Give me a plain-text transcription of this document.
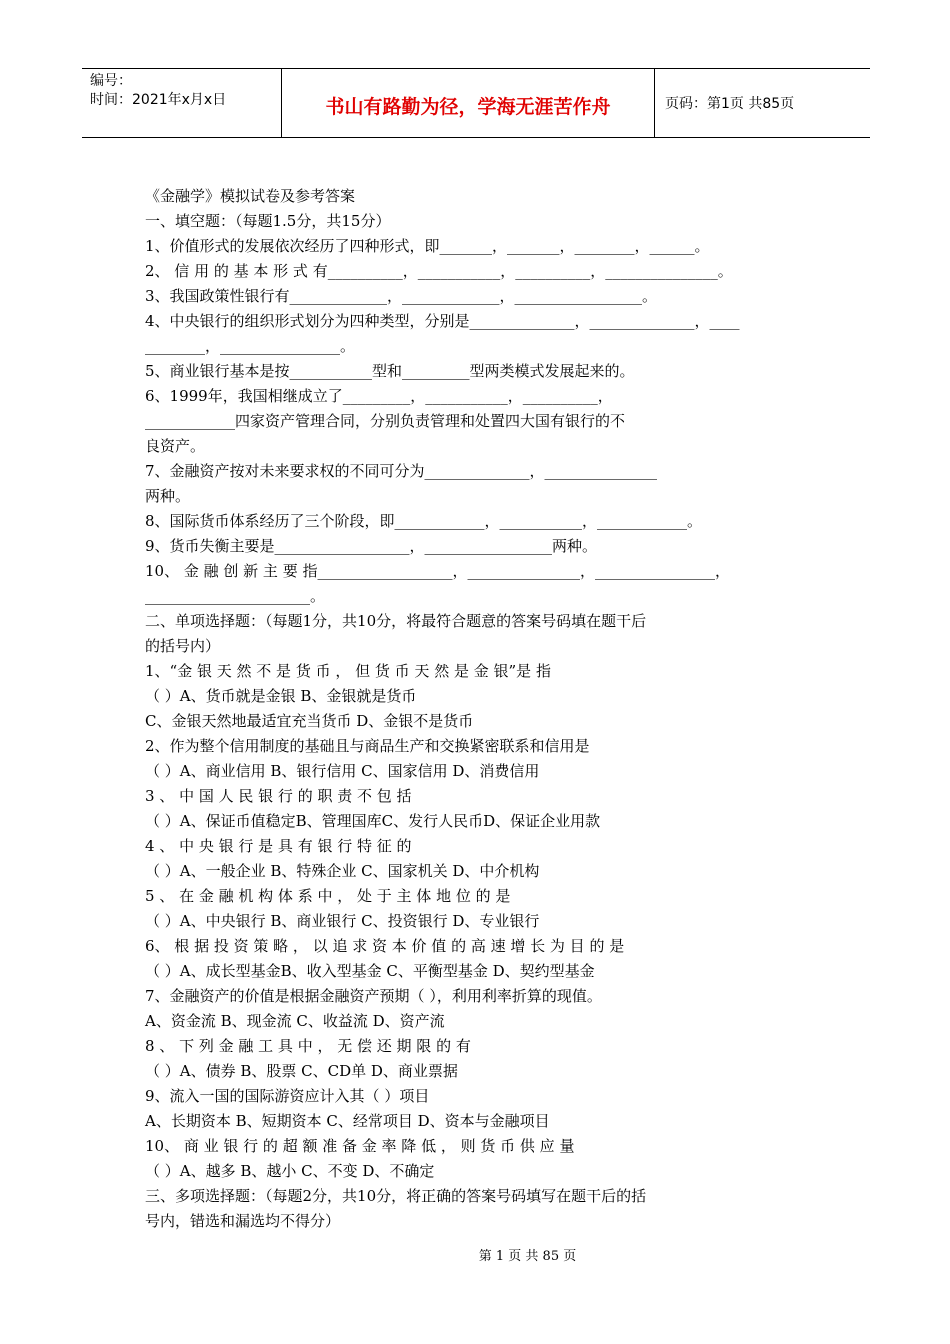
编号：
时间：2021年x月x日	书山有路勤为径，学海无涯苦作舟	页码：第1页 共85页
《金融学》模拟试卷及参考答案
一、填空题：（每题1.5分，共15分）
1、价值形式的发展依次经历了四种形式，即_______，_______，________，______。
2、 信 用 的 基 本 形 式 有__________，___________，__________，_______________。
3、我国政策性银行有_____________，_____________，_________________。
4、中央银行的组织形式划分为四种类型，分别是______________，______________，____
________，________________。
5、商业银行基本是按___________型和_________型两类模式发展起来的。
6、1999年，我国相继成立了_________，___________，__________，
____________四家资产管理合同，分别负责管理和处置四大国有银行的不
良资产。
7、金融资产按对未来要求权的不同可分为______________，_______________
两种。
8、国际货币体系经历了三个阶段，即____________，___________，____________。
9、货币失衡主要是__________________，_________________两种。
10、 金 融 创 新 主 要 指__________________，_______________，________________，
______________________。
二、单项选择题：（每题1分，共10分，将最符合题意的答案号码填在题干后
的括号内）
1、“金 银 天 然 不 是 货 币 ， 但 货 币 天 然 是 金 银”是 指
（ ）A、货币就是金银 B、金银就是货币
C、金银天然地最适宜充当货币 D、金银不是货币
2、作为整个信用制度的基础且与商品生产和交换紧密联系和信用是
（ ）A、商业信用 B、银行信用 C、国家信用 D、消费信用
3 、 中 国 人 民 银 行 的 职 责 不 包 括
（ ）A、保证币值稳定B、管理国库C、发行人民币D、保证企业用款
4 、 中 央 银 行 是 具 有 银 行 特 征 的
（ ）A、一般企业 B、特殊企业 C、国家机关 D、中介机构
5 、 在 金 融 机 构 体 系 中 ， 处 于 主 体 地 位 的 是
（ ）A、中央银行 B、商业银行 C、投资银行 D、专业银行
6、 根 据 投 资 策 略 ， 以 追 求 资 本 价 值 的 高 速 增 长 为 目 的 是
（ ）A、成长型基金B、收入型基金 C、平衡型基金 D、契约型基金
7、金融资产的价值是根据金融资产预期（ ），利用利率折算的现值。
A、资金流 B、现金流 C、收益流 D、资产流
8 、 下 列 金 融 工 具 中 ， 无 偿 还 期 限 的 有
（ ）A、债券 B、股票 C、CD单 D、商业票据
9、流入一国的国际游资应计入其（ ）项目
A、长期资本 B、短期资本 C、经常项目 D、资本与金融项目
10、 商 业 银 行 的 超 额 准 备 金 率 降 低 ， 则 货 币 供 应 量
（ ）A、越多 B、越小 C、不变 D、不确定
三、多项选择题：（每题2分，共10分，将正确的答案号码填写在题干后的括
号内，错选和漏选均不得分）
第 1 页 共 85 页
